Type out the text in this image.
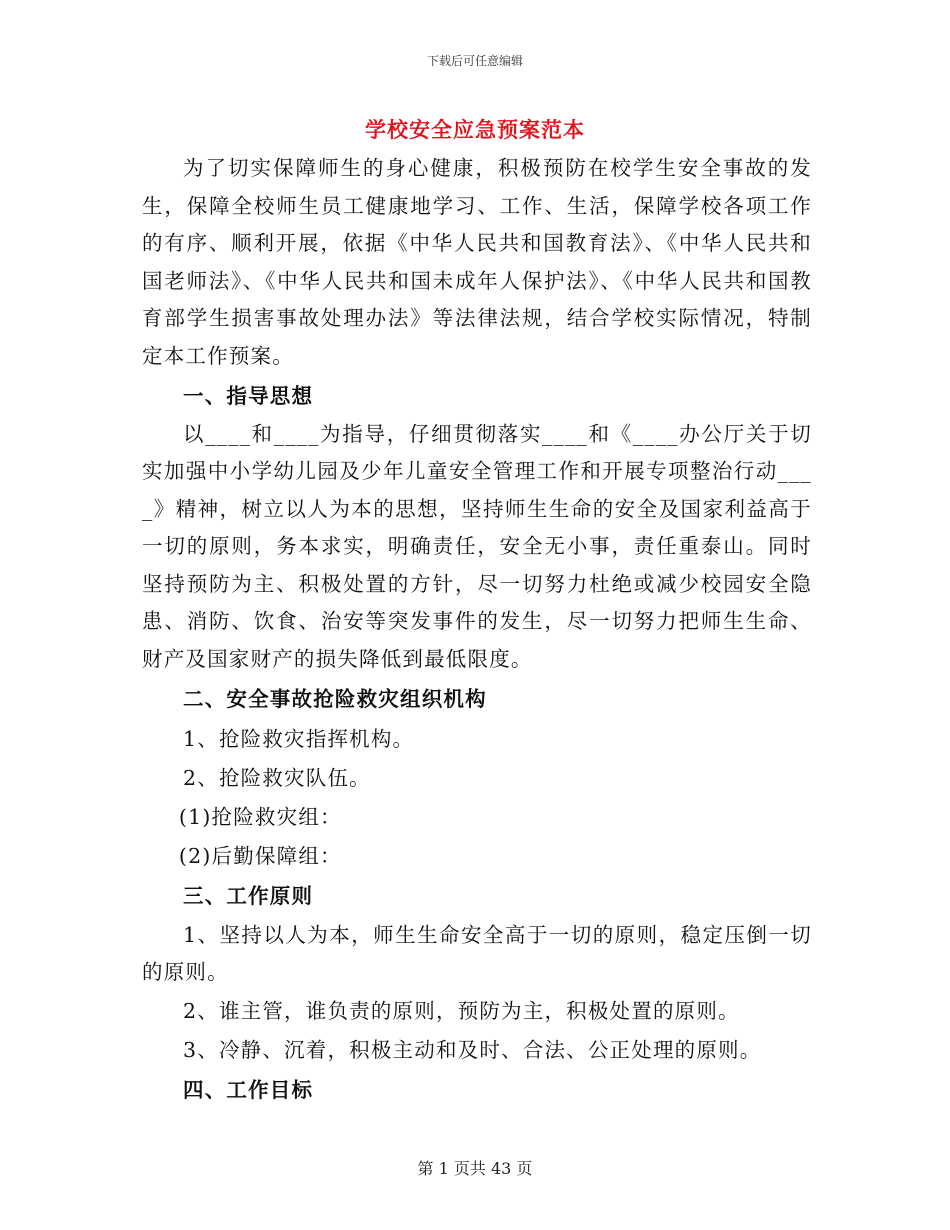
下载后可任意编辑
学校安全应急预案范本

为了切实保障师生的身心健康，积极预防在校学生安全事故的发生，保障全校师生员工健康地学习、工作、生活，保障学校各项工作的有序、顺利开展，依据《中华人民共和国教育法》、《中华人民共和国老师法》、《中华人民共和国未成年人保护法》、《中华人民共和国教育部学生损害事故处理办法》等法律法规，结合学校实际情况，特制定本工作预案。

一、指导思想

以____和____为指导，仔细贯彻落实____和《____办公厅关于切实加强中小学幼儿园及少年儿童安全管理工作和开展专项整治行动____》精神，树立以人为本的思想，坚持师生生命的安全及国家利益高于一切的原则，务本求实，明确责任，安全无小事，责任重泰山。同时坚持预防为主、积极处置的方针，尽一切努力杜绝或减少校园安全隐患、消防、饮食、治安等突发事件的发生，尽一切努力把师生生命、财产及国家财产的损失降低到最低限度。

二、安全事故抢险救灾组织机构

1、抢险救灾指挥机构。

2、抢险救灾队伍。

(1)抢险救灾组：

(2)后勤保障组：

三、工作原则

1、坚持以人为本，师生生命安全高于一切的原则，稳定压倒一切的原则。

2、谁主管，谁负责的原则，预防为主，积极处置的原则。

3、冷静、沉着，积极主动和及时、合法、公正处理的原则。

四、工作目标

第 1 页共 43 页
